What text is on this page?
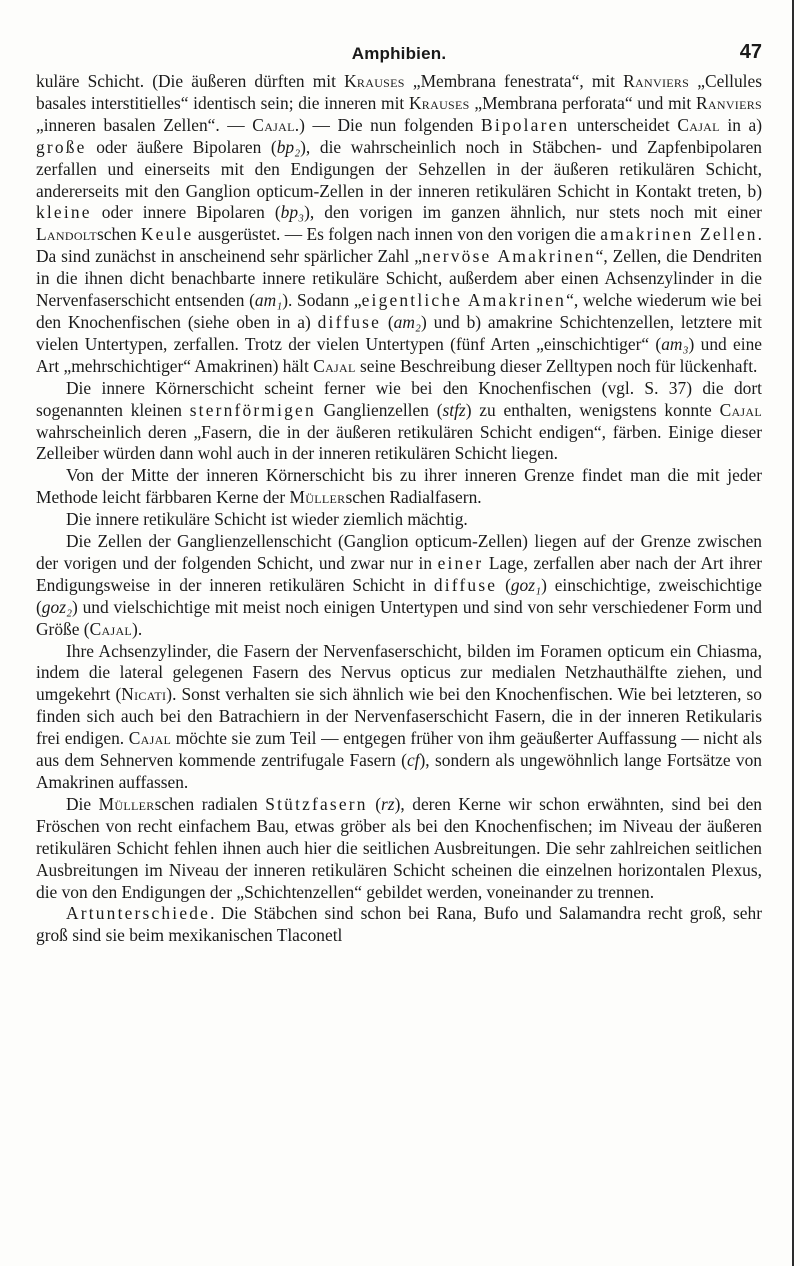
Amphibien.	47

kuläre Schicht. (Die äußeren dürften mit Krauses „Membrana fenestrata“, mit Ranviers „Cellules basales interstitielles“ identisch sein; die inneren mit Krauses „Membrana perforata“ und mit Ranviers „inneren basalen Zellen“. — Cajal.) — Die nun folgenden Bipolaren unterscheidet Cajal in a) große oder äußere Bipolaren (bp₂), die wahrscheinlich noch in Stäbchen- und Zapfenbipolaren zerfallen und einerseits mit den Endigungen der Sehzellen in der äußeren retikulären Schicht, andererseits mit den Ganglion opticum-Zellen in der inneren retikulären Schicht in Kontakt treten, b) kleine oder innere Bipolaren (bp₃), den vorigen im ganzen ähnlich, nur stets noch mit einer Landoltschen Keule ausgerüstet. — Es folgen nach innen von den vorigen die amakrinen Zellen. Da sind zunächst in anscheinend sehr spärlicher Zahl „nervöse Amakrinen“, Zellen, die Dendriten in die ihnen dicht benachbarte innere retikuläre Schicht, außerdem aber einen Achsenzylinder in die Nervenfaserschicht entsenden (am₁). Sodann „eigentliche Amakrinen“, welche wiederum wie bei den Knochenfischen (siehe oben in a) diffuse (am₂) und b) amakrine Schichtenzellen, letztere mit vielen Untertypen, zerfallen. Trotz der vielen Untertypen (fünf Arten „einschichtiger“ (am₃) und eine Art „mehrschichtiger“ Amakrinen) hält Cajal seine Beschreibung dieser Zelltypen noch für lückenhaft.

Die innere Körnerschicht scheint ferner wie bei den Knochenfischen (vgl. S. 37) die dort sogenannten kleinen sternförmigen Ganglienzellen (stfz) zu enthalten, wenigstens konnte Cajal wahrscheinlich deren „Fasern, die in der äußeren retikulären Schicht endigen“, färben. Einige dieser Zelleiber würden dann wohl auch in der inneren retikulären Schicht liegen.

Von der Mitte der inneren Körnerschicht bis zu ihrer inneren Grenze findet man die mit jeder Methode leicht färbbaren Kerne der Müllerschen Radialfasern.

Die innere retikuläre Schicht ist wieder ziemlich mächtig.

Die Zellen der Ganglienzellenschicht (Ganglion opticum-Zellen) liegen auf der Grenze zwischen der vorigen und der folgenden Schicht, und zwar nur in einer Lage, zerfallen aber nach der Art ihrer Endigungsweise in der inneren retikulären Schicht in diffuse (goz₁) einschichtige, zweischichtige (goz₂) und vielschichtige mit meist noch einigen Untertypen und sind von sehr verschiedener Form und Größe (Cajal).

Ihre Achsenzylinder, die Fasern der Nervenfaserschicht, bilden im Foramen opticum ein Chiasma, indem die lateral gelegenen Fasern des Nervus opticus zur medialen Netzhauthälfte ziehen, und umgekehrt (Nicati). Sonst verhalten sie sich ähnlich wie bei den Knochenfischen. Wie bei letzteren, so finden sich auch bei den Batrachiern in der Nervenfaserschicht Fasern, die in der inneren Retikularis frei endigen. Cajal möchte sie zum Teil — entgegen früher von ihm geäußerter Auffassung — nicht als aus dem Sehnerven kommende zentrifugale Fasern (cf), sondern als ungewöhnlich lange Fortsätze von Amakrinen auffassen.

Die Müllerschen radialen Stützfasern (rz), deren Kerne wir schon erwähnten, sind bei den Fröschen von recht einfachem Bau, etwas gröber als bei den Knochenfischen; im Niveau der äußeren retikulären Schicht fehlen ihnen auch hier die seitlichen Ausbreitungen. Die sehr zahlreichen seitlichen Ausbreitungen im Niveau der inneren retikulären Schicht scheinen die einzelnen horizontalen Plexus, die von den Endigungen der „Schichtenzellen“ gebildet werden, voneinander zu trennen.

Artunterschiede. Die Stäbchen sind schon bei Rana, Bufo und Salamandra recht groß, sehr groß sind sie beim mexikanischen Tlaconetl
